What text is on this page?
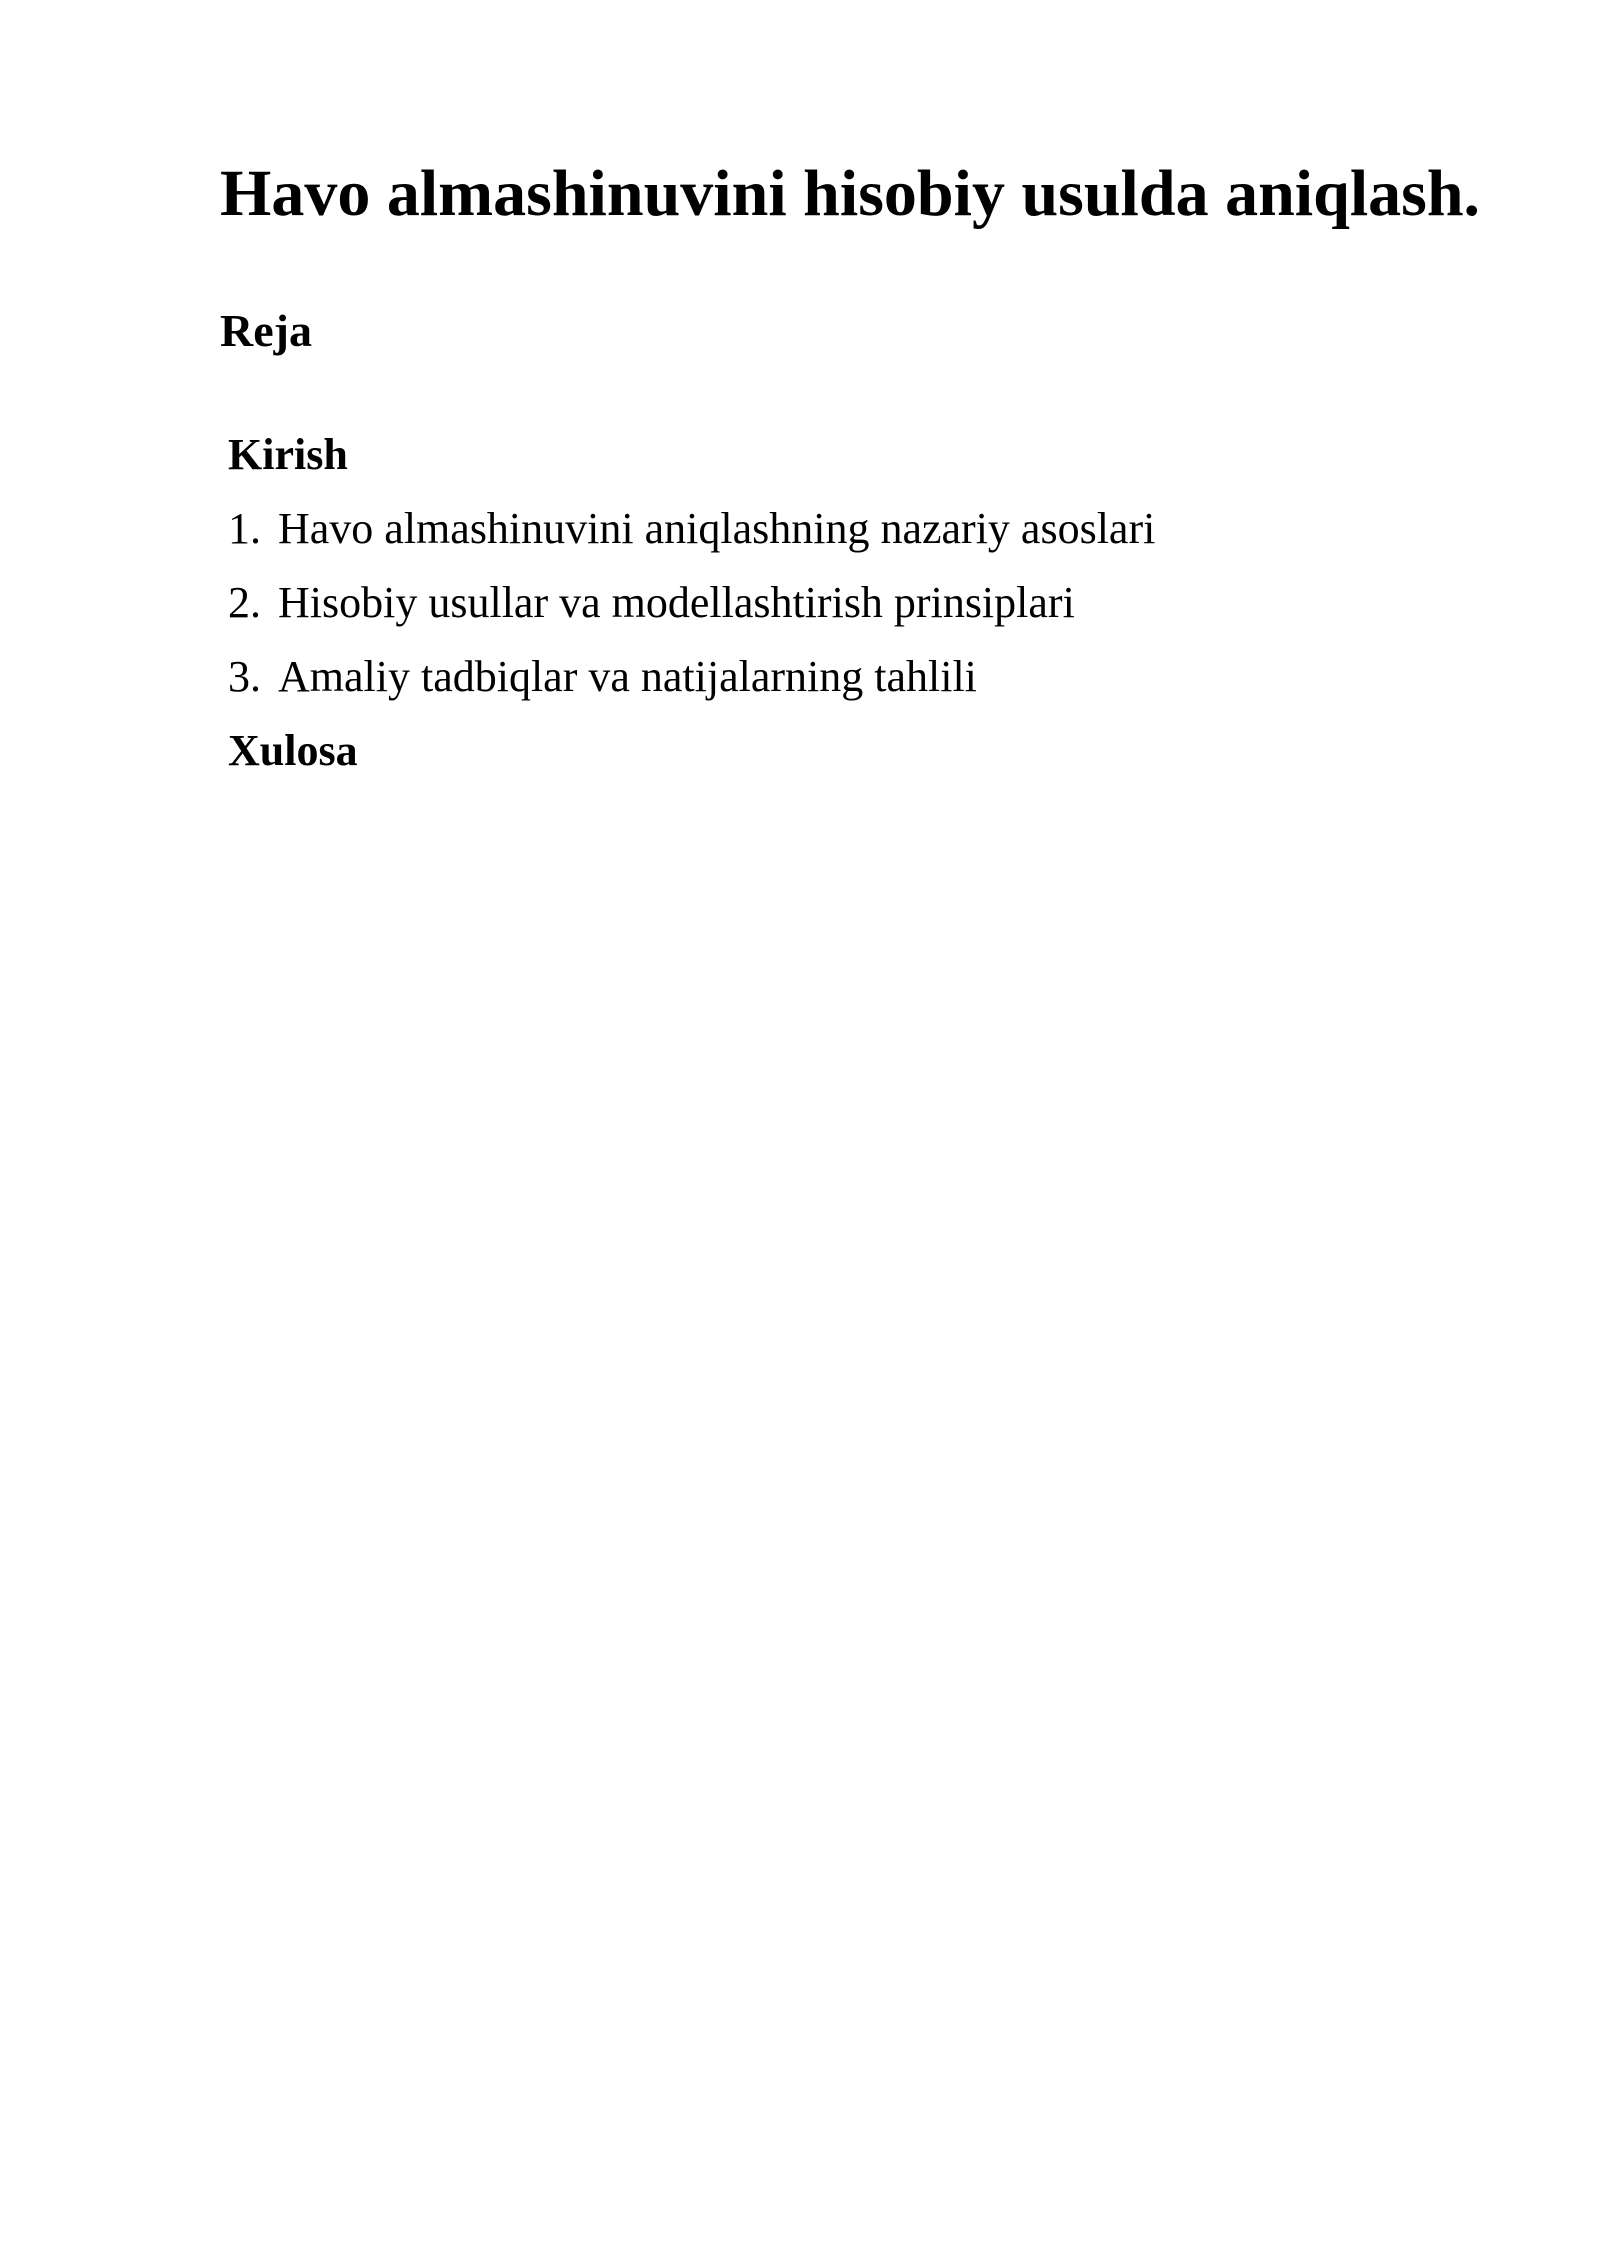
Havo almashinuvini hisobiy usulda aniqlash.
Reja
Kirish
1. Havo almashinuvini aniqlashning nazariy asoslari
2. Hisobiy usullar va modellashtirish prinsiplari
3. Amaliy tadbiqlar va natijalarning tahlili
Xulosa
